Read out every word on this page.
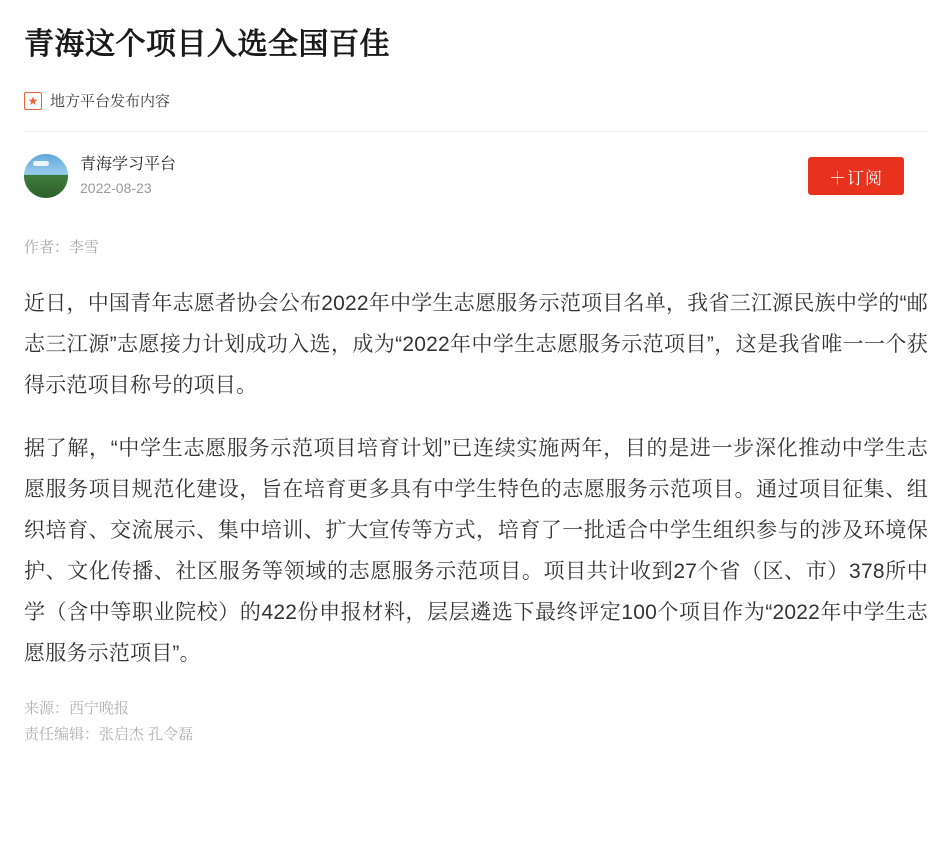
青海这个项目入选全国百佳
★ 地方平台发布内容
青海学习平台
2022-08-23
＋订阅
作者：李雪

近日，中国青年志愿者协会公布2022年中学生志愿服务示范项目名单，我省三江源民族中学的“邮志三江源”志愿接力计划成功入选，成为“2022年中学生志愿服务示范项目”，这是我省唯一一个获得示范项目称号的项目。

据了解，“中学生志愿服务示范项目培育计划”已连续实施两年，目的是进一步深化推动中学生志愿服务项目规范化建设，旨在培育更多具有中学生特色的志愿服务示范项目。通过项目征集、组织培育、交流展示、集中培训、扩大宣传等方式，培育了一批适合中学生组织参与的涉及环境保护、文化传播、社区服务等领域的志愿服务示范项目。项目共计收到27个省（区、市）378所中学（含中等职业院校）的422份申报材料，层层遴选下最终评定100个项目作为“2022年中学生志愿服务示范项目”。

来源：西宁晚报
责任编辑：张启杰 孔令磊
